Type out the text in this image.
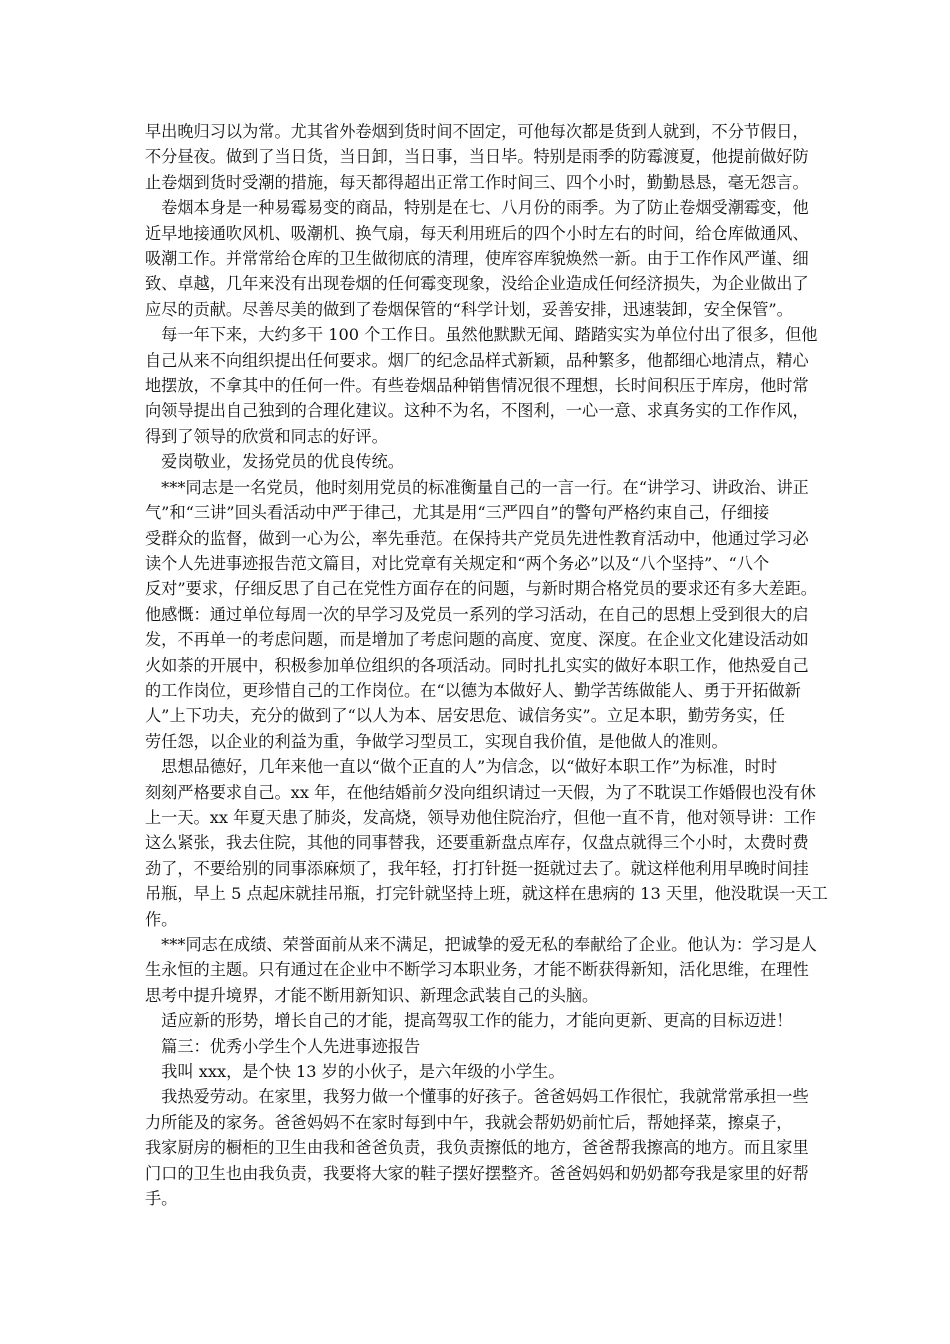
早出晚归习以为常。尤其省外卷烟到货时间不固定，可他每次都是货到人就到，不分节假日，
不分昼夜。做到了当日货，当日卸，当日事，当日毕。特别是雨季的防霉渡夏，他提前做好防
止卷烟到货时受潮的措施，每天都得超出正常工作时间三、四个小时，勤勤恳恳，毫无怨言。
　卷烟本身是一种易霉易变的商品，特别是在七、八月份的雨季。为了防止卷烟受潮霉变，他
近早地接通吹风机、吸潮机、换气扇，每天利用班后的四个小时左右的时间，给仓库做通风、
吸潮工作。并常常给仓库的卫生做彻底的清理，使库容库貌焕然一新。由于工作作风严谨、细
致、卓越，几年来没有出现卷烟的任何霉变现象，没给企业造成任何经济损失，为企业做出了
应尽的贡献。尽善尽美的做到了卷烟保管的“科学计划，妥善安排，迅速装卸，安全保管”。
　每一年下来，大约多干 100 个工作日。虽然他默默无闻、踏踏实实为单位付出了很多，但他
自己从来不向组织提出任何要求。烟厂的纪念品样式新颖，品种繁多，他都细心地清点，精心
地摆放，不拿其中的任何一件。有些卷烟品种销售情况很不理想，长时间积压于库房，他时常
向领导提出自己独到的合理化建议。这种不为名，不图利，一心一意、求真务实的工作作风，
得到了领导的欣赏和同志的好评。
　爱岗敬业，发扬党员的优良传统。
　***同志是一名党员，他时刻用党员的标准衡量自己的一言一行。在“讲学习、讲政治、讲正
气”和“三讲”回头看活动中严于律己，尤其是用“三严四自”的警句严格约束自己，仔细接
受群众的监督，做到一心为公，率先垂范。在保持共产党员先进性教育活动中，他通过学习必
读个人先进事迹报告范文篇目，对比党章有关规定和“两个务必”以及“八个坚持”、“八个
反对”要求，仔细反思了自己在党性方面存在的问题，与新时期合格党员的要求还有多大差距。
他感慨：通过单位每周一次的早学习及党员一系列的学习活动，在自己的思想上受到很大的启
发，不再单一的考虑问题，而是增加了考虑问题的高度、宽度、深度。在企业文化建设活动如
火如荼的开展中，积极参加单位组织的各项活动。同时扎扎实实的做好本职工作，他热爱自己
的工作岗位，更珍惜自己的工作岗位。在“以德为本做好人、勤学苦练做能人、勇于开拓做新
人”上下功夫，充分的做到了“以人为本、居安思危、诚信务实”。立足本职，勤劳务实，任
劳任怨，以企业的利益为重，争做学习型员工，实现自我价值，是他做人的准则。
　思想品德好，几年来他一直以“做个正直的人”为信念，以“做好本职工作”为标准，时时
刻刻严格要求自己。xx 年，在他结婚前夕没向组织请过一天假，为了不耽误工作婚假也没有休
上一天。xx 年夏天患了肺炎，发高烧，领导劝他住院治疗，但他一直不肯，他对领导讲：工作
这么紧张，我去住院，其他的同事替我，还要重新盘点库存，仅盘点就得三个小时，太费时费
劲了，不要给别的同事添麻烦了，我年轻，打打针挺一挺就过去了。就这样他利用早晚时间挂
吊瓶，早上 5 点起床就挂吊瓶，打完针就坚持上班，就这样在患病的 13 天里，他没耽误一天工
作。
　***同志在成绩、荣誉面前从来不满足，把诚挚的爱无私的奉献给了企业。他认为：学习是人
生永恒的主题。只有通过在企业中不断学习本职业务，才能不断获得新知，活化思维，在理性
思考中提升境界，才能不断用新知识、新理念武装自己的头脑。
　适应新的形势，增长自己的才能，提高驾驭工作的能力，才能向更新、更高的目标迈进！
　篇三：优秀小学生个人先进事迹报告
　我叫 xxx，是个快 13 岁的小伙子，是六年级的小学生。
　我热爱劳动。在家里，我努力做一个懂事的好孩子。爸爸妈妈工作很忙，我就常常承担一些
力所能及的家务。爸爸妈妈不在家时每到中午，我就会帮奶奶前忙后，帮她择菜，擦桌子，
我家厨房的橱柜的卫生由我和爸爸负责，我负责擦低的地方，爸爸帮我擦高的地方。而且家里
门口的卫生也由我负责，我要将大家的鞋子摆好摆整齐。爸爸妈妈和奶奶都夸我是家里的好帮
手。
